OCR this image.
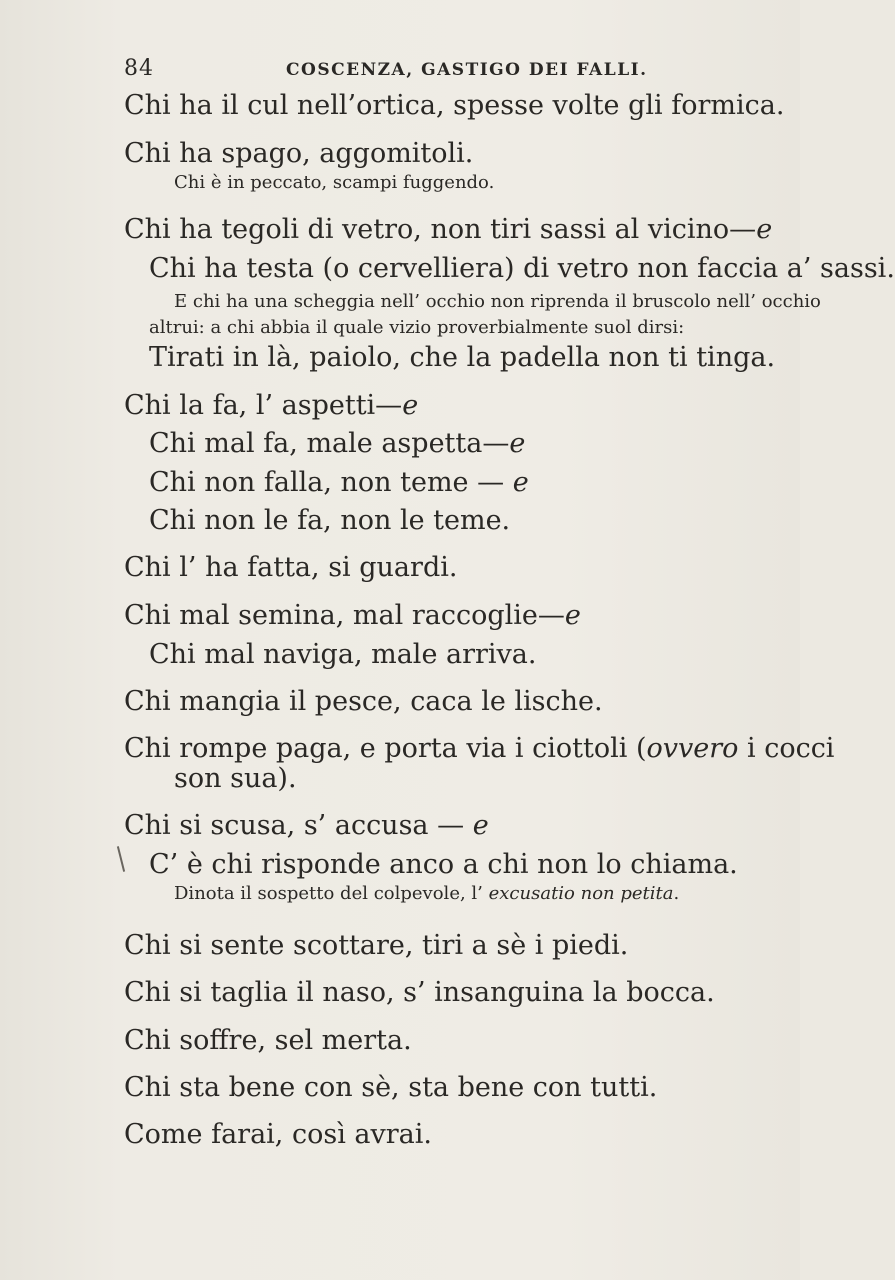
84	COSCENZA, GASTIGO DEI FALLI.
Chi ha il cul nell’ortica, spesse volte gli formica.
Chi ha spago, aggomitoli.
Chi è in peccato, scampi fuggendo.
Chi ha tegoli di vetro, non tiri sassi al vicino—e
Chi ha testa (o cervelliera) di vetro non faccia a’ sassi.
E chi ha una scheggia nell’ occhio non riprenda il bruscolo nell’ occhio
altrui: a chi abbia il quale vizio proverbialmente suol dirsi:
Tirati in là, paiolo, che la padella non ti tinga.
Chi la fa, l’ aspetti—e
Chi mal fa, male aspetta—e
Chi non falla, non teme — e
Chi non le fa, non le teme.
Chi l’ ha fatta, si guardi.
Chi mal semina, mal raccoglie—e
Chi mal naviga, male arriva.
Chi mangia il pesce, caca le lische.
Chi rompe paga, e porta via i ciottoli (ovvero i cocci
son sua).
Chi si scusa, s’ accusa — e
C’ è chi risponde anco a chi non lo chiama.
Dinota il sospetto del colpevole, l’ excusatio non petita.
Chi si sente scottare, tiri a sè i piedi.
Chi si taglia il naso, s’ insanguina la bocca.
Chi soffre, sel merta.
Chi sta bene con sè, sta bene con tutti.
Come farai, così avrai.
